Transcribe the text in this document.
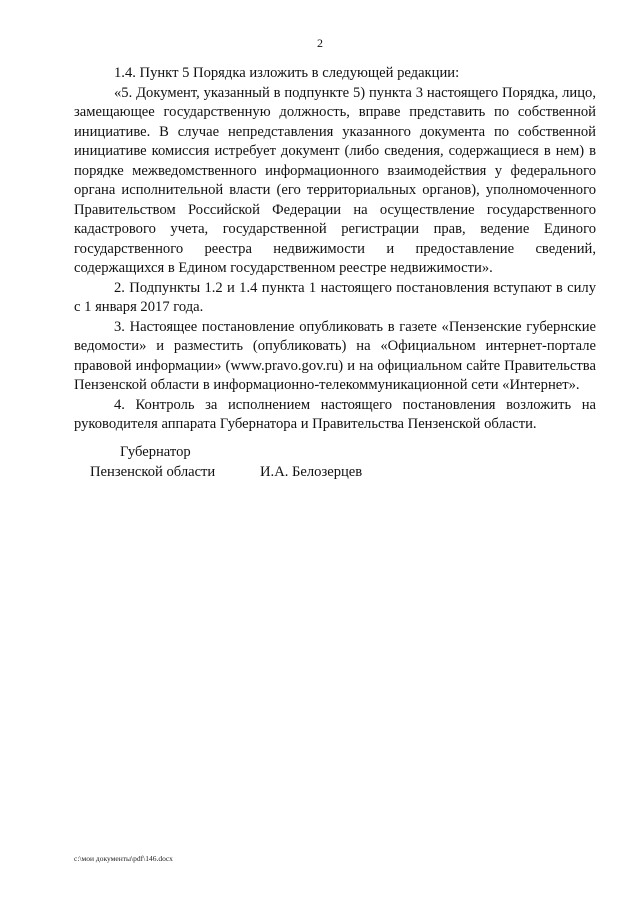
2

1.4. Пункт 5 Порядка изложить в следующей редакции:

«5. Документ, указанный в подпункте 5) пункта 3 настоящего Порядка, лицо, замещающее государственную должность, вправе представить по собственной инициативе. В случае непредставления указанного документа по собственной инициативе комиссия истребует документ (либо сведения, содержащиеся в нем) в порядке межведомственного информационного взаимодействия у федерального органа исполнительной власти (его территориальных органов), уполномоченного Правительством Российской Федерации на осуществление государственного кадастрового учета, государственной регистрации прав, ведение Единого государственного реестра недвижимости и предоставление сведений, содержащихся в Едином государственном реестре недвижимости».

2. Подпункты 1.2 и 1.4 пункта 1 настоящего постановления вступают в силу с 1 января 2017 года.

3. Настоящее постановление опубликовать в газете «Пензенские губернские ведомости» и разместить (опубликовать) на «Официальном интернет-портале правовой информации» (www.pravo.gov.ru) и на официальном сайте Правительства Пензенской области в информационно-телекоммуникационной сети «Интернет».

4. Контроль за исполнением настоящего постановления возложить на руководителя аппарата Губернатора и Правительства Пензенской области.

Губернатор
Пензенской области	И.А. Белозерцев
c:\мои документы\pdf\146.docx
